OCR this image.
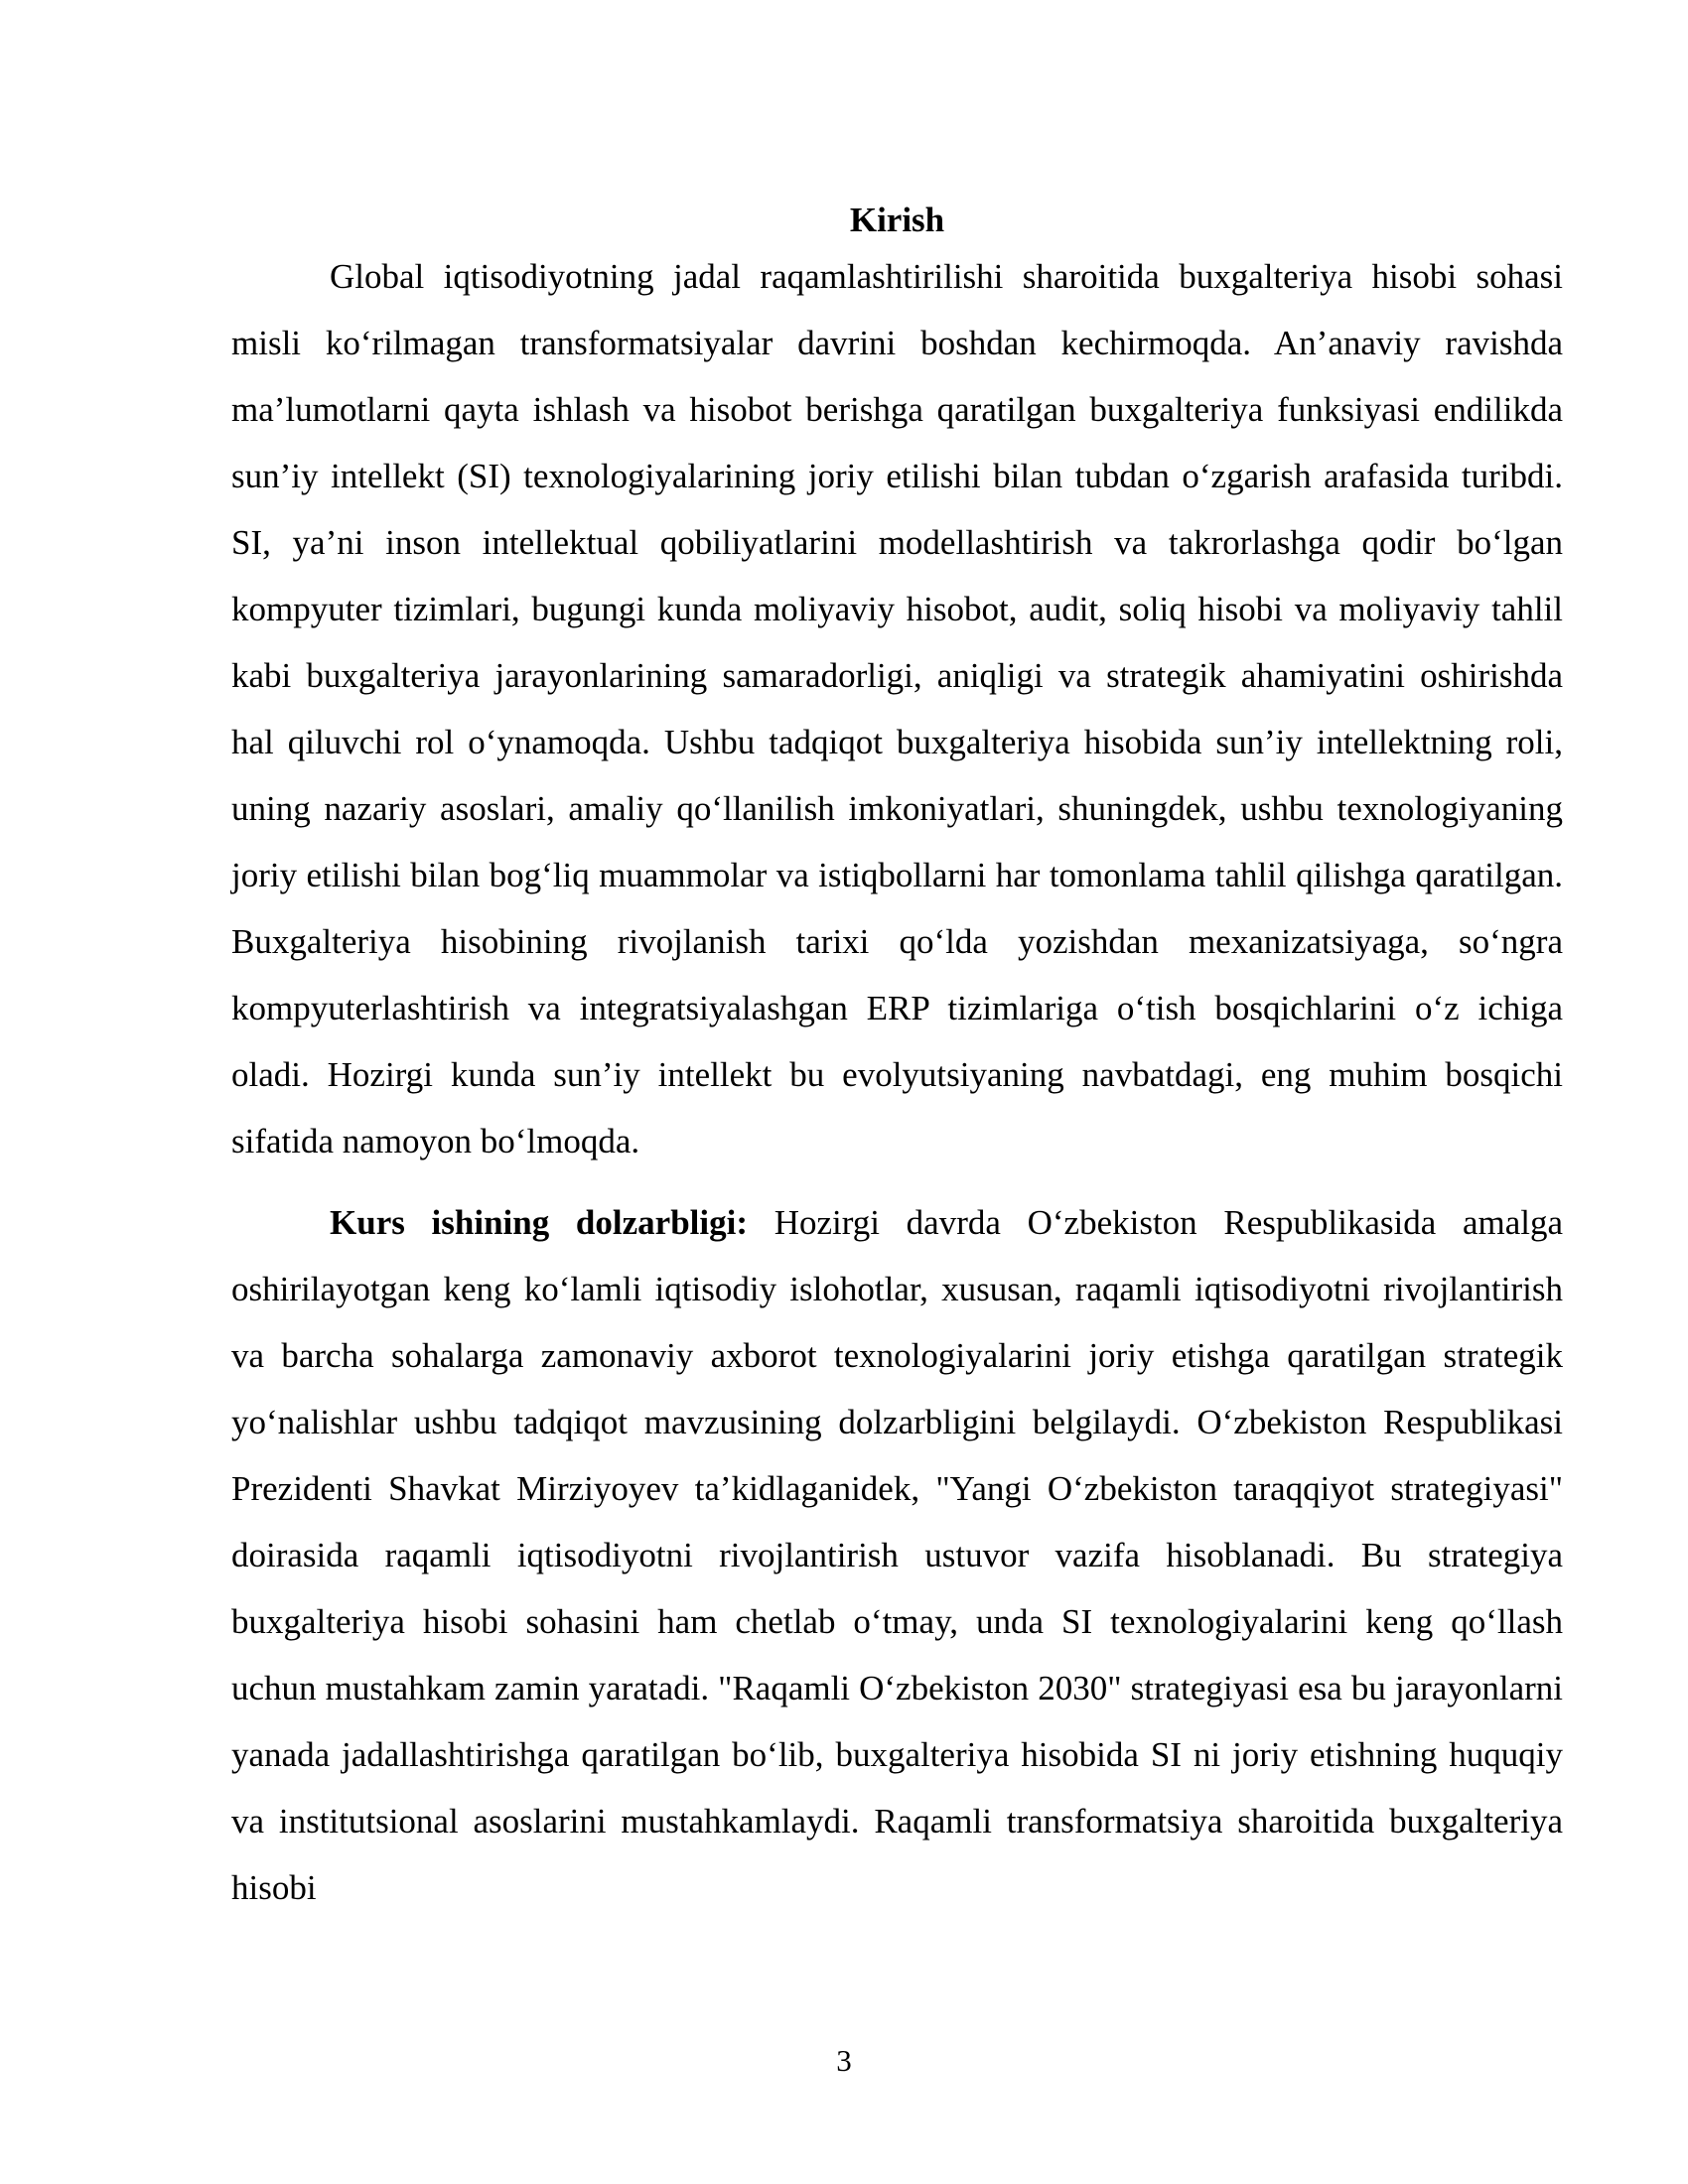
Kirish

Global iqtisodiyotning jadal raqamlashtirilishi sharoitida buxgalteriya hisobi sohasi misli ko‘rilmagan transformatsiyalar davrini boshdan kechirmoqda. An’anaviy ravishda ma’lumotlarni qayta ishlash va hisobot berishga qaratilgan buxgalteriya funksiyasi endilikda sun’iy intellekt (SI) texnologiyalarining joriy etilishi bilan tubdan o‘zgarish arafasida turibdi. SI, ya’ni inson intellektual qobiliyatlarini modellashtirish va takrorlashga qodir bo‘lgan kompyuter tizimlari, bugungi kunda moliyaviy hisobot, audit, soliq hisobi va moliyaviy tahlil kabi buxgalteriya jarayonlarining samaradorligi, aniqligi va strategik ahamiyatini oshirishda hal qiluvchi rol o‘ynamoqda. Ushbu tadqiqot buxgalteriya hisobida sun’iy intellektning roli, uning nazariy asoslari, amaliy qo‘llanilish imkoniyatlari, shuningdek, ushbu texnologiyaning joriy etilishi bilan bog‘liq muammolar va istiqbollarni har tomonlama tahlil qilishga qaratilgan. Buxgalteriya hisobining rivojlanish tarixi qo‘lda yozishdan mexanizatsiyaga, so‘ngra kompyuterlashtirish va integratsiyalashgan ERP tizimlariga o‘tish bosqichlarini o‘z ichiga oladi. Hozirgi kunda sun’iy intellekt bu evolyutsiyaning navbatdagi, eng muhim bosqichi sifatida namoyon bo‘lmoqda.

Kurs ishining dolzarbligi: Hozirgi davrda O‘zbekiston Respublikasida amalga oshirilayotgan keng ko‘lamli iqtisodiy islohotlar, xususan, raqamli iqtisodiyotni rivojlantirish va barcha sohalarga zamonaviy axborot texnologiyalarini joriy etishga qaratilgan strategik yo‘nalishlar ushbu tadqiqot mavzusining dolzarbligini belgilaydi. O‘zbekiston Respublikasi Prezidenti Shavkat Mirziyoyev ta’kidlaganidek, "Yangi O‘zbekiston taraqqiyot strategiyasi" doirasida raqamli iqtisodiyotni rivojlantirish ustuvor vazifa hisoblanadi. Bu strategiya buxgalteriya hisobi sohasini ham chetlab o‘tmay, unda SI texnologiyalarini keng qo‘llash uchun mustahkam zamin yaratadi. "Raqamli O‘zbekiston 2030" strategiyasi esa bu jarayonlarni yanada jadallashtirishga qaratilgan bo‘lib, buxgalteriya hisobida SI ni joriy etishning huquqiy va institutsional asoslarini mustahkamlaydi. Raqamli transformatsiya sharoitida buxgalteriya hisobi

3
